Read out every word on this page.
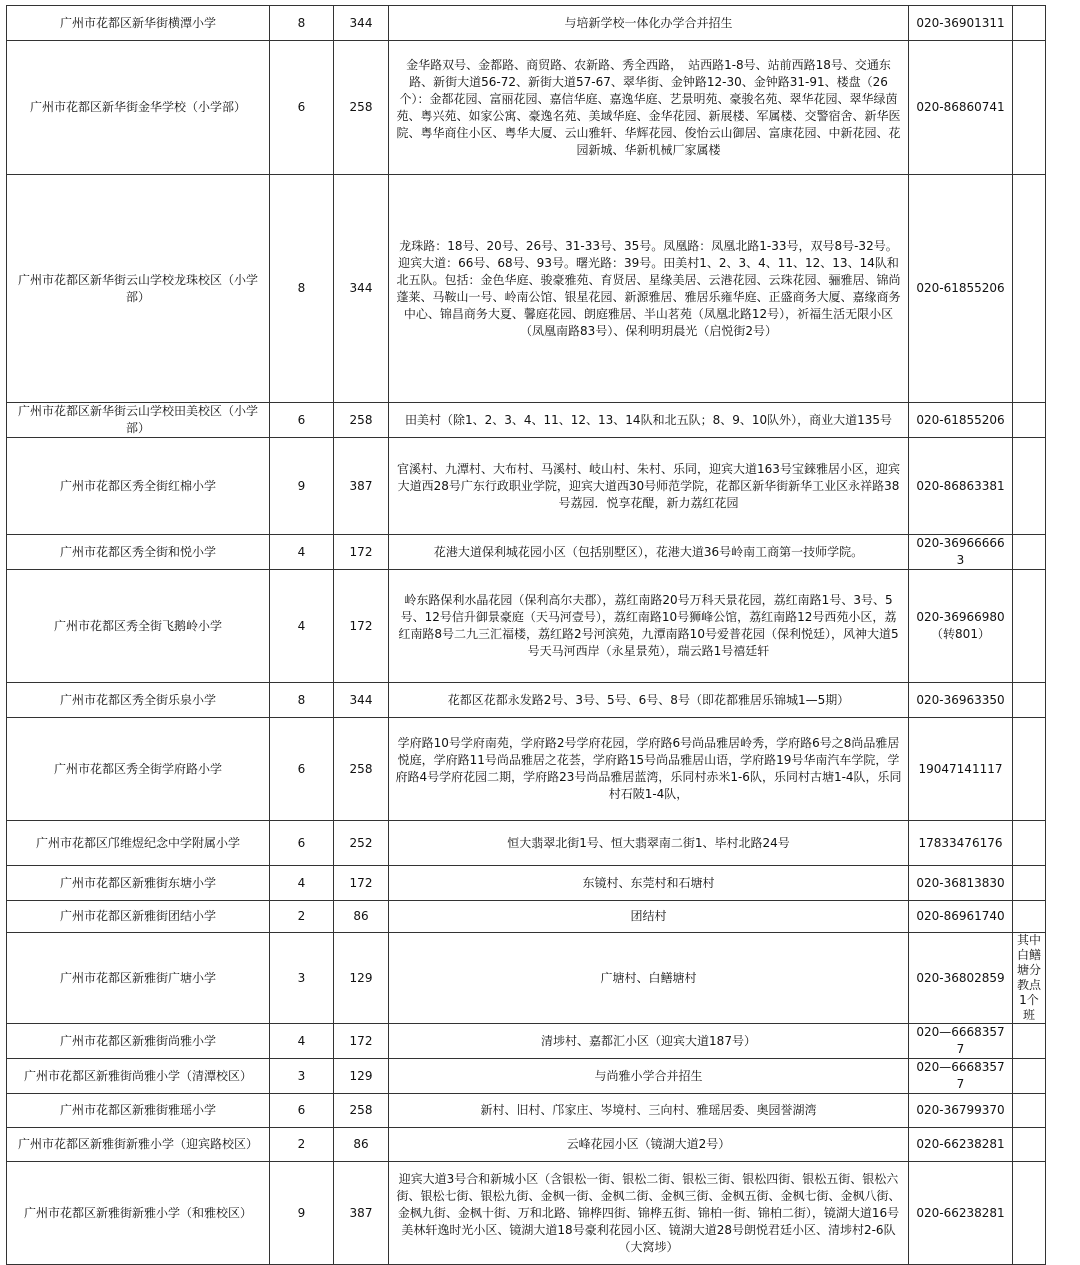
广州市花都区新华街横潭小学	8	344	与培新学校一体化办学合并招生	020-36901311	
广州市花都区新华街金华学校（小学部）	6	258	金华路双号、金都路、商贸路、农新路、秀全西路，　站西路1-8号、站前西路18号、交通东路、新街大道56-72、新街大道57-67、翠华街、金钟路12-30、金钟路31-91、楼盘（26个）：金都花园、富丽花园、嘉信华庭、嘉逸华庭、艺景明苑、豪骏名苑、翠华花园、翠华绿茵苑、粤兴苑、如家公寓、豪逸名苑、美域华庭、金华花园、新展楼、军属楼、交警宿舍、新华医院、粤华商住小区、粤华大厦、云山雅轩、华辉花园、俊怡云山御居、富康花园、中新花园、花园新城、华新机械厂家属楼	020-86860741	
广州市花都区新华街云山学校龙珠校区（小学部）	8	344	龙珠路：18号、20号、26号、31-33号、35号。凤凰路：凤凰北路1-33号，双号8号-32号。迎宾大道：66号、68号、93号。曙光路：39号。田美村1、2、3、4、11、12、13、14队和北五队。包括：金色华庭、骏豪雅苑、育贤居、星缘美居、云港花园、云珠花园、骊雅居、锦尚蓬莱、马鞍山一号、岭南公馆、银星花园、新源雅居、雅居乐雍华庭、正盛商务大厦、嘉缘商务中心、锦昌商务大夏、馨庭花园、朗庭雅居、半山茗苑（凤凰北路12号），祈福生活无限小区（凤凰南路83号）、保利明玥晨光（启悦街2号）	020-61855206	
广州市花都区新华街云山学校田美校区（小学部）	6	258	田美村（除1、2、3、4、11、12、13、14队和北五队；8、9、10队外），商业大道135号	020-61855206	
广州市花都区秀全街红棉小学	9	387	官溪村、九潭村、大布村、马溪村、岐山村、朱村、乐同，迎宾大道163号宝錸雅居小区，迎宾大道西28号广东行政职业学院，迎宾大道西30号师范学院，花都区新华街新华工业区永祥路38号荔园．悦享花醍，新力荔红花园	020-86863381	
广州市花都区秀全街和悦小学	4	172	花港大道保利城花园小区（包括别墅区），花港大道36号岭南工商第一技师学院。	020-369666663	
广州市花都区秀全街飞鹅岭小学	4	172	岭东路保利水晶花园（保利高尔夫郡），荔红南路20号万科天景花园，荔红南路1号、3号、5号、12号信升御景豪庭（天马河壹号），荔红南路10号狮峰公馆，荔红南路12号西苑小区，荔红南路8号二九三汇福楼，荔红路2号河滨苑，九潭南路10号爱普花园（保利悦廷），风神大道5号天马河西岸（永星景苑），瑞云路1号禧廷轩	020-36966980（转801）	
广州市花都区秀全街乐泉小学	8	344	花都区花都永发路2号、3号、5号、6号、8号（即花都雅居乐锦城1—5期）	020-36963350	
广州市花都区秀全街学府路小学	6	258	学府路10号学府南苑，学府路2号学府花园，学府路6号尚品雅居岭秀，学府路6号之8尚品雅居悦庭，学府路11号尚品雅居之花荟，学府路15号尚品雅居山语，学府路19号华南汽车学院，学府路4号学府花园二期，学府路23号尚品雅居蓝湾，乐同村赤米1-6队，乐同村古塘1-4队，乐同村石陂1-4队，	19047141117	
广州市花都区邝维煜纪念中学附属小学	6	252	恒大翡翠北街1号、恒大翡翠南二街1、毕村北路24号	17833476176	
广州市花都区新雅街东塘小学	4	172	东镜村、东莞村和石塘村	020-36813830	
广州市花都区新雅街团结小学	2	86	团结村	020-86961740	
广州市花都区新雅街广塘小学	3	129	广塘村、白鳝塘村	020-36802859	其中白鳝塘分教点1个班
广州市花都区新雅街尚雅小学	4	172	清埗村、嘉都汇小区（迎宾大道187号）	020—66683577	
广州市花都区新雅街尚雅小学（清潭校区）	3	129	与尚雅小学合并招生	020—66683577	
广州市花都区新雅街雅瑶小学	6	258	新村、旧村、邝家庄、岑境村、三向村、雅瑶居委、奥园誉湖湾	020-36799370	
广州市花都区新雅街新雅小学（迎宾路校区）	2	86	云峰花园小区（镜湖大道2号）	020-66238281	
广州市花都区新雅街新雅小学（和雅校区）	9	387	迎宾大道3号合和新城小区（含银松一街、银松二街、银松三街、银松四街、银松五街、银松六街、银松七街、银松九街、金枫一街、金枫二街、金枫三街、金枫五街、金枫七街、金枫八街、金枫九街、金枫十街、万和北路、锦桦四街、锦桦五街、锦柏一街、锦柏二街），镜湖大道16号美林轩逸时光小区、镜湖大道18号豪利花园小区、镜湖大道28号朗悦君廷小区、清埗村2-6队（大窝埗）	020-66238281	
